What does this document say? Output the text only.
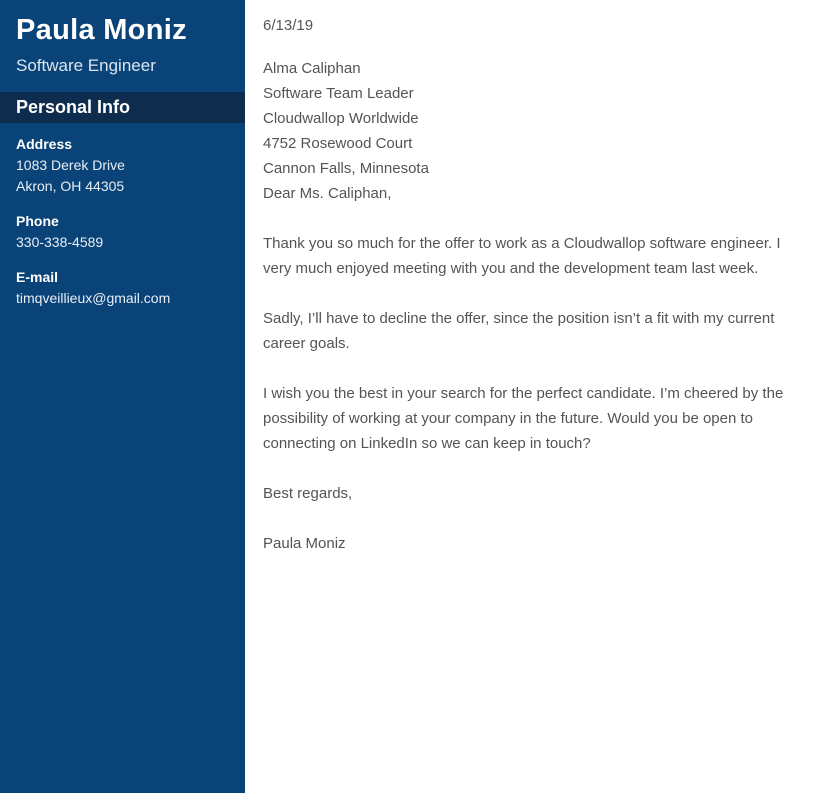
Paula Moniz
Software Engineer
Personal Info
Address
1083 Derek Drive
Akron, OH 44305
Phone
330-338-4589
E-mail
timqveillieux@gmail.com

6/13/19

Alma Caliphan

Software Team Leader

Cloudwallop Worldwide

4752 Rosewood Court

Cannon Falls, Minnesota

Dear Ms. Caliphan,

Thank you so much for the offer to work as a Cloudwallop software engineer. I very much enjoyed meeting with you and the development team last week.

Sadly, I’ll have to decline the offer, since the position isn’t a fit with my current career goals.

I wish you the best in your search for the perfect candidate. I’m cheered by the possibility of working at your company in the future. Would you be open to connecting on LinkedIn so we can keep in touch?

Best regards,

Paula Moniz
